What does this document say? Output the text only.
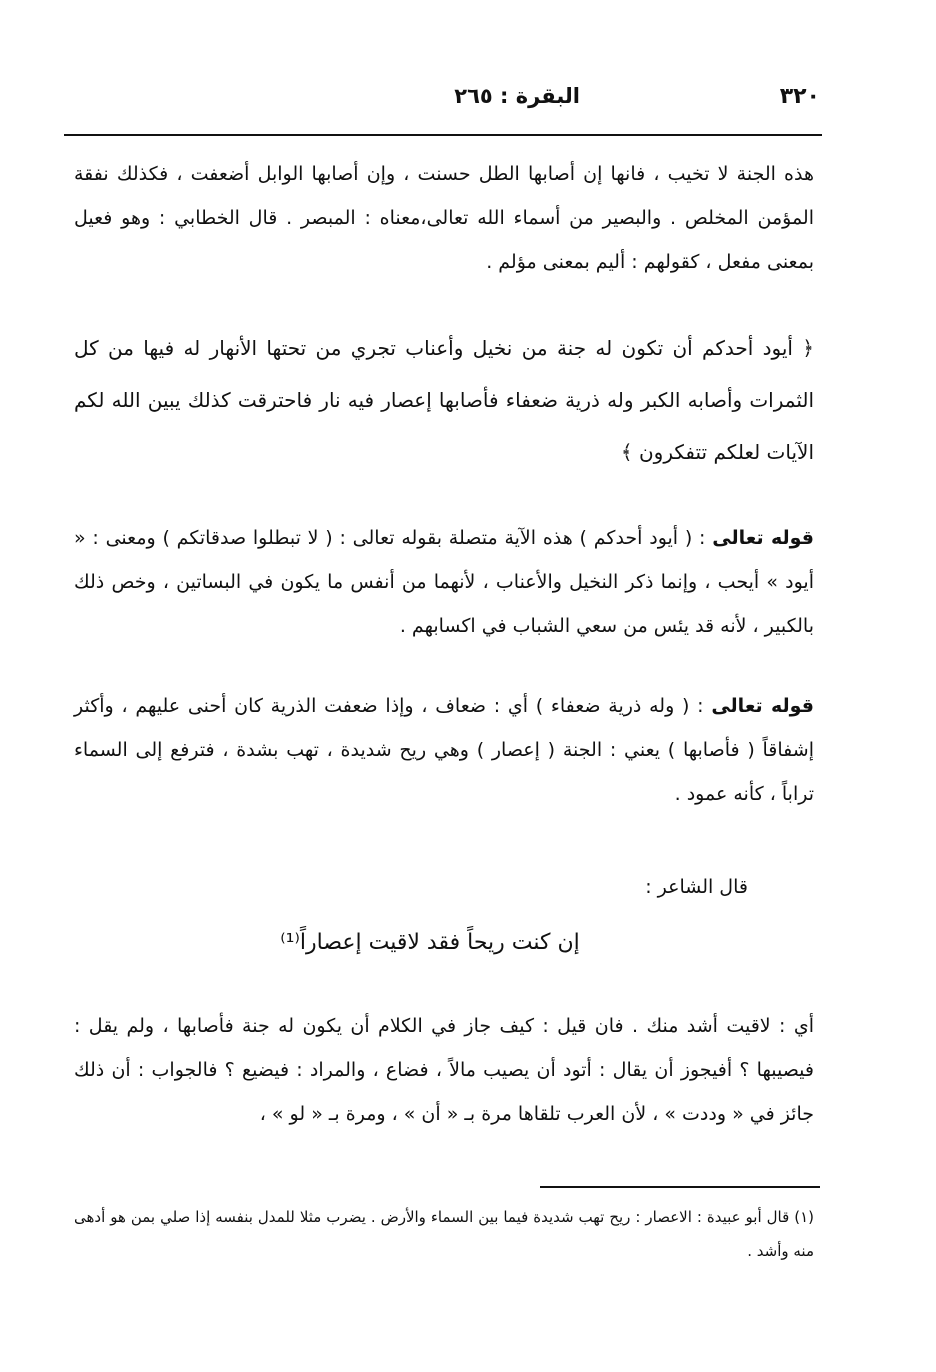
٣٢٠
البقرة : ٢٦٥

هذه الجنة لا تخيب ، فانها إن أصابها الطل حسنت ، وإن أصابها الوابل أضعفت ، فكذلك نفقة المؤمن المخلص . والبصير من أسماء الله تعالى،معناه : المبصر . قال الخطابي : وهو فعيل بمعنى مفعل ، كقولهم : أليم بمعنى مؤلم .

﴿ أيود أحدكم أن تكون له جنة من نخيل وأعناب تجري من تحتها الأنهار له فيها من كل الثمرات وأصابه الكبر وله ذرية ضعفاء فأصابها إعصار فيه نار فاحترقت كذلك يبين الله لكم الآيات لعلكم تتفكرون ﴾

قوله تعالى : ( أيود أحدكم ) هذه الآية متصلة بقوله تعالى : ( لا تبطلوا صدقاتكم ) ومعنى : « أيود » أيحب ، وإنما ذكر النخيل والأعناب ، لأنهما من أنفس ما يكون في البساتين ، وخص ذلك بالكبير ، لأنه قد يئس من سعي الشباب في اكسابهم .

قوله تعالى : ( وله ذرية ضعفاء ) أي : ضعاف ، وإذا ضعفت الذرية كان أحنى عليهم ، وأكثر إشفاقاً ( فأصابها ) يعني : الجنة ( إعصار ) وهي ريح شديدة ، تهب بشدة ، فترفع إلى السماء تراباً ، كأنه عمود .

قال الشاعر :
إن كنت ريحاً فقد لاقيت إعصاراً⁽¹⁾

أي : لاقيت أشد منك . فان قيل : كيف جاز في الكلام أن يكون له جنة فأصابها ، ولم يقل : فيصيبها ؟ أفيجوز أن يقال : أتود أن يصيب مالاً ، فضاع ، والمراد : فيضيع ؟ فالجواب : أن ذلك جائز في « وددت » ، لأن العرب تلقاها مرة بـ « أن » ، ومرة بـ « لو » ،

(١) قال أبو عبيدة : الاعصار : ريح تهب شديدة فيما بين السماء والأرض . يضرب مثلا للمدل بنفسه إذا صلي بمن هو أدهى منه وأشد .
